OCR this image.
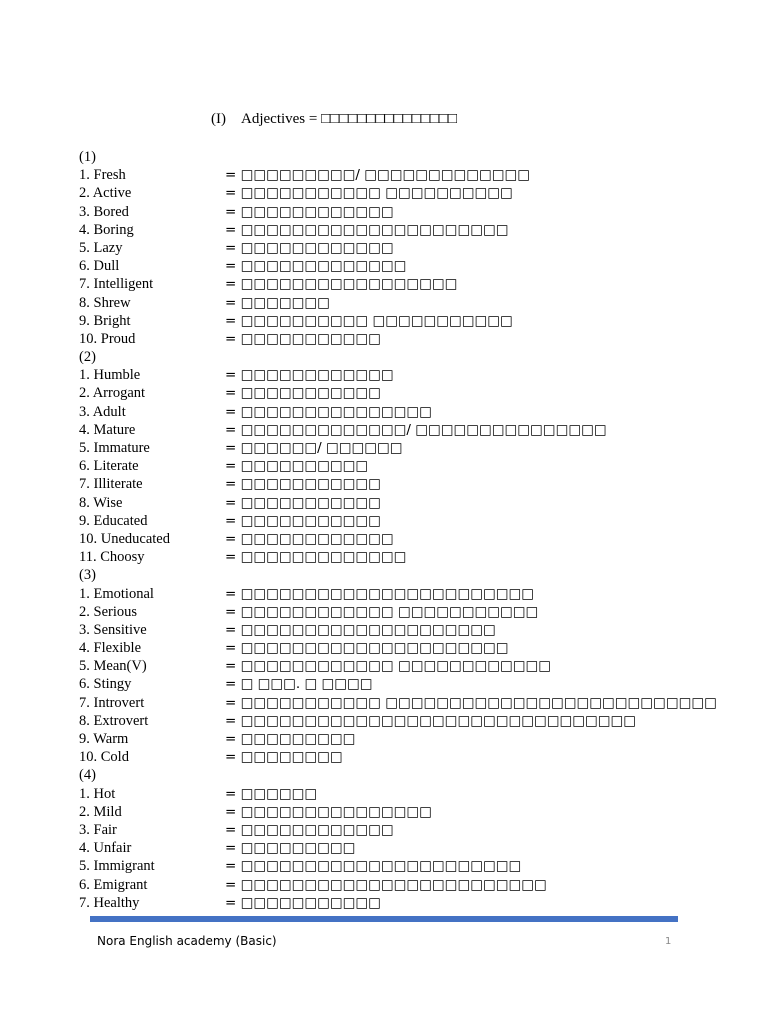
(I) Adjectives = □□□□□□□□□□□□□□□
(1)
1. Fresh	= □□□□□□□□□/ □□□□□□□□□□□□□
2. Active	= □□□□□□□□□□□ □□□□□□□□□□
3. Bored	= □□□□□□□□□□□□
4. Boring	= □□□□□□□□□□□□□□□□□□□□□
5. Lazy	= □□□□□□□□□□□□
6. Dull	= □□□□□□□□□□□□□
7. Intelligent	= □□□□□□□□□□□□□□□□□
8. Shrew	= □□□□□□□
9. Bright	= □□□□□□□□□□ □□□□□□□□□□□
10. Proud	= □□□□□□□□□□□
(2)
1. Humble	= □□□□□□□□□□□□
2. Arrogant	= □□□□□□□□□□□
3. Adult	= □□□□□□□□□□□□□□□
4. Mature	= □□□□□□□□□□□□□/ □□□□□□□□□□□□□□□
5. Immature	= □□□□□□/ □□□□□□
6. Literate	= □□□□□□□□□□
7. Illiterate	= □□□□□□□□□□□
8. Wise	= □□□□□□□□□□□
9. Educated	= □□□□□□□□□□□
10. Uneducated	= □□□□□□□□□□□□
11. Choosy	= □□□□□□□□□□□□□
(3)
1. Emotional	= □□□□□□□□□□□□□□□□□□□□□□□
2. Serious	= □□□□□□□□□□□□ □□□□□□□□□□□
3. Sensitive	= □□□□□□□□□□□□□□□□□□□□
4. Flexible	= □□□□□□□□□□□□□□□□□□□□□
5. Mean(V)	= □□□□□□□□□□□□ □□□□□□□□□□□□
6. Stingy	= □ □□□. □ □□□□
7. Introvert	= □□□□□□□□□□□ □□□□□□□□□□□□□□□□□□□□□□□□□□
8. Extrovert	= □□□□□□□□□□□□□□□□□□□□□□□□□□□□□□□
9. Warm	= □□□□□□□□□
10. Cold	= □□□□□□□□
(4)
1. Hot	= □□□□□□
2. Mild	= □□□□□□□□□□□□□□□
3. Fair	= □□□□□□□□□□□□
4. Unfair	= □□□□□□□□□
5. Immigrant	= □□□□□□□□□□□□□□□□□□□□□□
6. Emigrant	= □□□□□□□□□□□□□□□□□□□□□□□□
7. Healthy	= □□□□□□□□□□□
Nora English academy (Basic)	1
